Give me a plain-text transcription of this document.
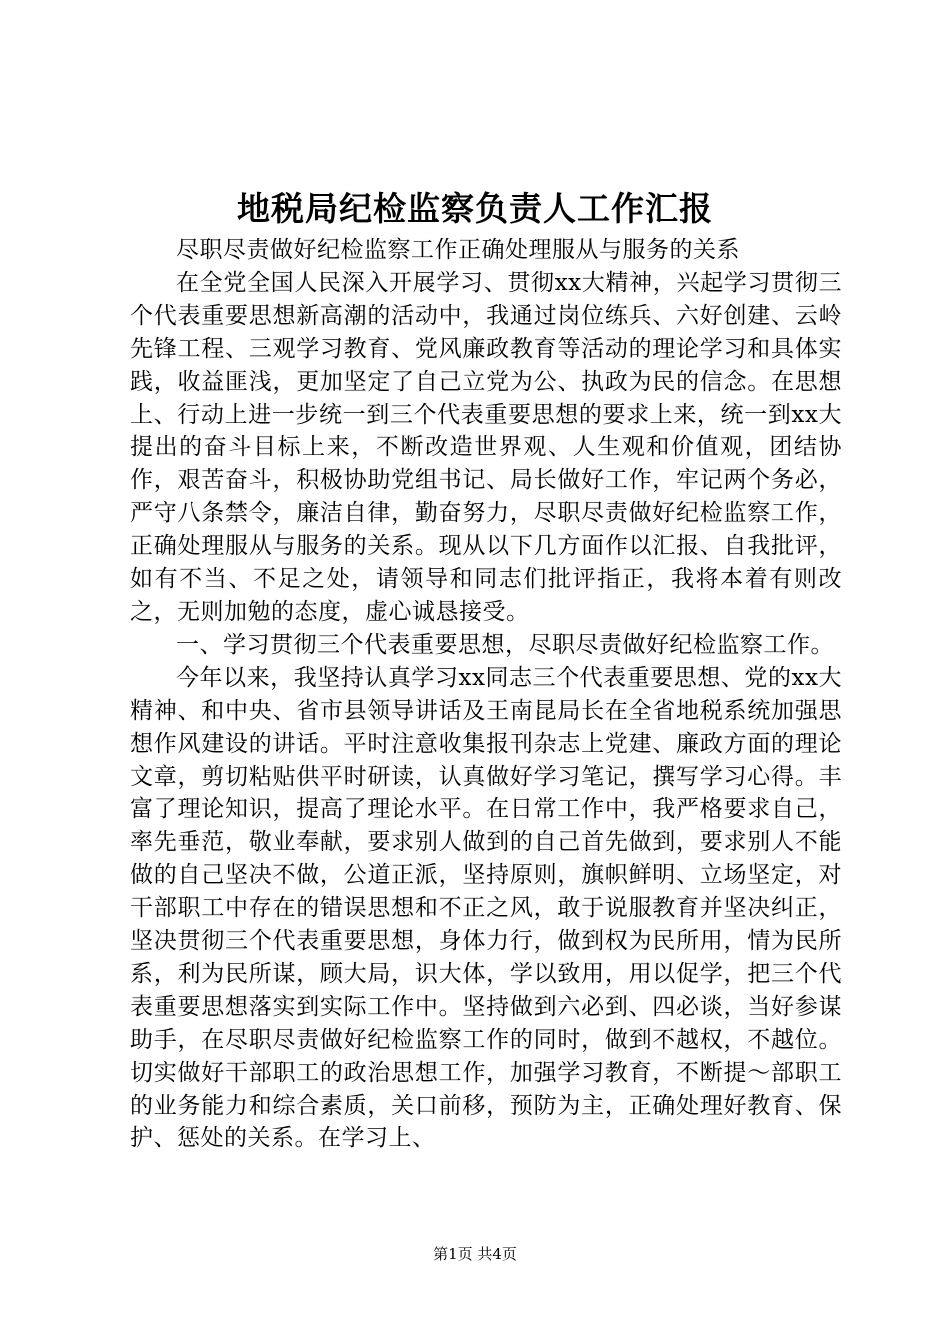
地税局纪检监察负责人工作汇报

尽职尽责做好纪检监察工作正确处理服从与服务的关系

在全党全国人民深入开展学习、贯彻xx大精神，兴起学习贯彻三个代表重要思想新高潮的活动中，我通过岗位练兵、六好创建、云岭先锋工程、三观学习教育、党风廉政教育等活动的理论学习和具体实践，收益匪浅，更加坚定了自己立党为公、执政为民的信念。在思想上、行动上进一步统一到三个代表重要思想的要求上来，统一到xx大提出的奋斗目标上来，不断改造世界观、人生观和价值观，团结协作，艰苦奋斗，积极协助党组书记、局长做好工作，牢记两个务必，严守八条禁令，廉洁自律，勤奋努力，尽职尽责做好纪检监察工作，正确处理服从与服务的关系。现从以下几方面作以汇报、自我批评，如有不当、不足之处，请领导和同志们批评指正，我将本着有则改之，无则加勉的态度，虚心诚恳接受。

一、学习贯彻三个代表重要思想，尽职尽责做好纪检监察工作。

今年以来，我坚持认真学习xx同志三个代表重要思想、党的xx大精神、和中央、省市县领导讲话及王南昆局长在全省地税系统加强思想作风建设的讲话。平时注意收集报刊杂志上党建、廉政方面的理论文章，剪切粘贴供平时研读，认真做好学习笔记，撰写学习心得。丰富了理论知识，提高了理论水平。在日常工作中，我严格要求自己，率先垂范，敬业奉献，要求别人做到的自己首先做到，要求别人不能做的自己坚决不做，公道正派，坚持原则，旗帜鲜明、立场坚定，对干部职工中存在的错误思想和不正之风，敢于说服教育并坚决纠正，坚决贯彻三个代表重要思想，身体力行，做到权为民所用，情为民所系，利为民所谋，顾大局，识大体，学以致用，用以促学，把三个代表重要思想落实到实际工作中。坚持做到六必到、四必谈，当好参谋助手，在尽职尽责做好纪检监察工作的同时，做到不越权，不越位。切实做好干部职工的政治思想工作，加强学习教育，不断提～部职工的业务能力和综合素质，关口前移，预防为主，正确处理好教育、保护、惩处的关系。在学习上、

第1页 共4页
